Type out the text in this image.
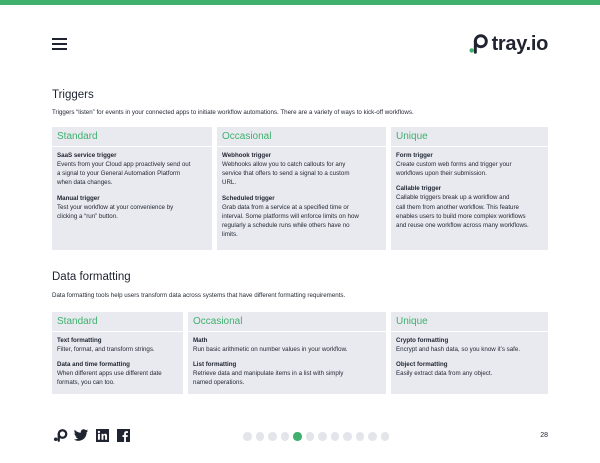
tray.io
Triggers
Triggers “listen” for events in your connected apps to initiate workflow automations. There are a variety of ways to kick-off workflows.
Standard
SaaS service trigger
Events from your Cloud app proactively send out
a signal to your General Automation Platform
when data changes.
Manual trigger
Test your workflow at your convenience by
clicking a “run” button.
Occasional
Webhook trigger
Webhooks allow you to catch callouts for any
service that offers to send a signal to a custom
URL.
Scheduled trigger
Grab data from a service at a specified time or
interval. Some platforms will enforce limits on how
regularly a schedule runs while others have no
limits.
Unique
Form trigger
Create custom web forms and trigger your
workflows upon their submission.
Callable trigger
Callable triggers break up a workflow and
call them from another workflow. This feature
enables users to build more complex workflows
and reuse one workflow across many workflows.
Data formatting
Data formatting tools help users transform data across systems that have different formatting requirements.
Standard
Text formatting
Filter, format, and transform strings.
Data and time formatting
When different apps use different date
formats, you can too.
Occasional
Math
Run basic arithmetic on number values in your workflow.
List formatting
Retrieve data and manipulate items in a list with simply
named operations.
Unique
Crypto formatting
Encrypt and hash data, so you know it’s safe.
Object formatting
Easily extract data from any object.
28
